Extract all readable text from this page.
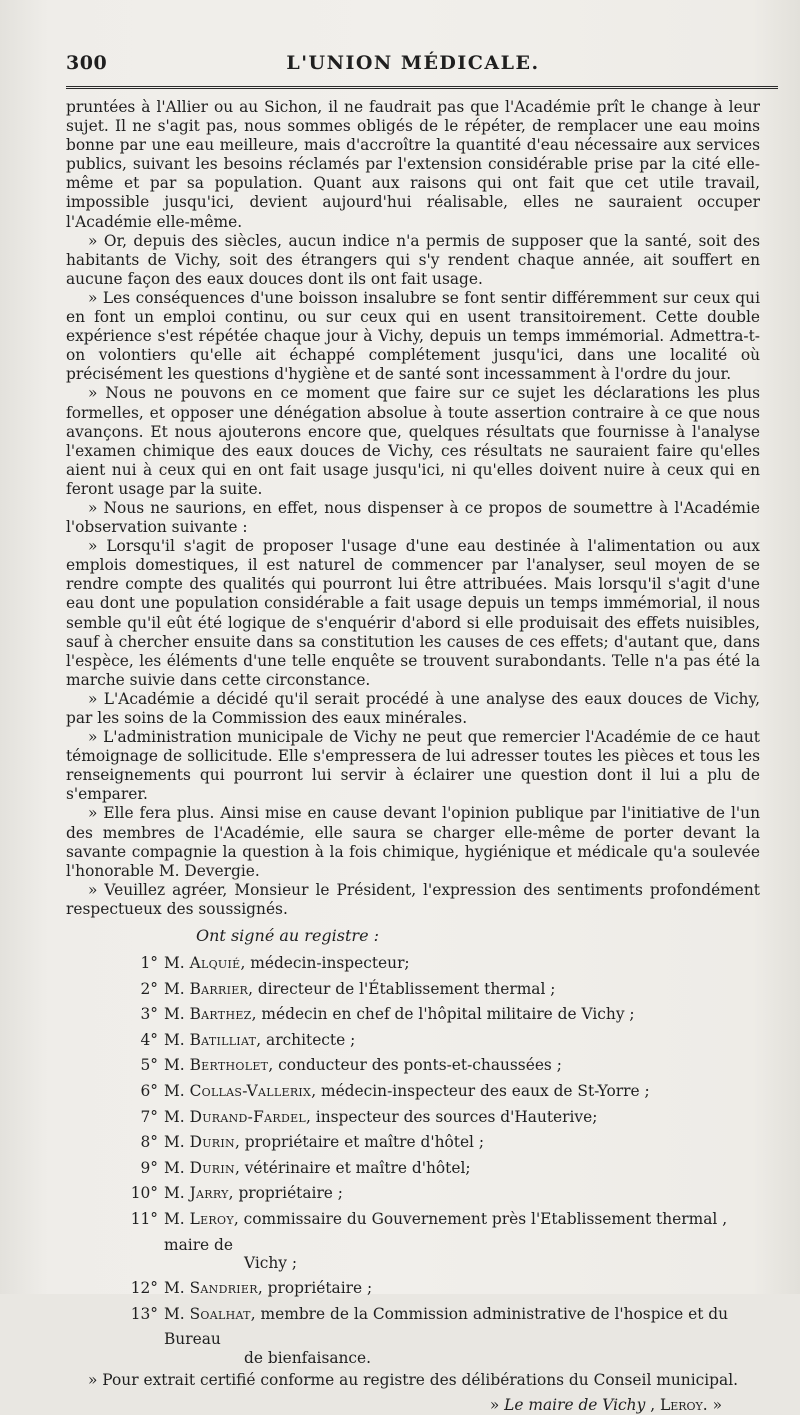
300	L'UNION MÉDICALE.

pruntées à l'Allier ou au Sichon, il ne faudrait pas que l'Académie prît le change à leur sujet. Il ne s'agit pas, nous sommes obligés de le répéter, de remplacer une eau moins bonne par une eau meilleure, mais d'accroître la quantité d'eau nécessaire aux services publics, suivant les besoins réclamés par l'extension considérable prise par la cité elle-même et par sa population. Quant aux raisons qui ont fait que cet utile travail, impossible jusqu'ici, devient aujourd'hui réalisable, elles ne sauraient occuper l'Académie elle-même.

» Or, depuis des siècles, aucun indice n'a permis de supposer que la santé, soit des habitants de Vichy, soit des étrangers qui s'y rendent chaque année, ait souffert en aucune façon des eaux douces dont ils ont fait usage.

» Les conséquences d'une boisson insalubre se font sentir différemment sur ceux qui en font un emploi continu, ou sur ceux qui en usent transitoirement. Cette double expérience s'est répétée chaque jour à Vichy, depuis un temps immémorial. Admettra-t-on volontiers qu'elle ait échappé complétement jusqu'ici, dans une localité où précisément les questions d'hygiène et de santé sont incessamment à l'ordre du jour.

» Nous ne pouvons en ce moment que faire sur ce sujet les déclarations les plus formelles, et opposer une dénégation absolue à toute assertion contraire à ce que nous avançons. Et nous ajouterons encore que, quelques résultats que fournisse à l'analyse l'examen chimique des eaux douces de Vichy, ces résultats ne sauraient faire qu'elles aient nui à ceux qui en ont fait usage jusqu'ici, ni qu'elles doivent nuire à ceux qui en feront usage par la suite.

» Nous ne saurions, en effet, nous dispenser à ce propos de soumettre à l'Académie l'observation suivante :

» Lorsqu'il s'agit de proposer l'usage d'une eau destinée à l'alimentation ou aux emplois domestiques, il est naturel de commencer par l'analyser, seul moyen de se rendre compte des qualités qui pourront lui être attribuées. Mais lorsqu'il s'agit d'une eau dont une population considérable a fait usage depuis un temps immémorial, il nous semble qu'il eût été logique de s'enquérir d'abord si elle produisait des effets nuisibles, sauf à chercher ensuite dans sa constitution les causes de ces effets; d'autant que, dans l'espèce, les éléments d'une telle enquête se trouvent surabondants. Telle n'a pas été la marche suivie dans cette circonstance.

» L'Académie a décidé qu'il serait procédé à une analyse des eaux douces de Vichy, par les soins de la Commission des eaux minérales.

» L'administration municipale de Vichy ne peut que remercier l'Académie de ce haut témoignage de sollicitude. Elle s'empressera de lui adresser toutes les pièces et tous les renseignements qui pourront lui servir à éclairer une question dont il lui a plu de s'emparer.

» Elle fera plus. Ainsi mise en cause devant l'opinion publique par l'initiative de l'un des membres de l'Académie, elle saura se charger elle-même de porter devant la savante compagnie la question à la fois chimique, hygiénique et médicale qu'a soulevée l'honorable M. Devergie.

» Veuillez agréer, Monsieur le Président, l'expression des sentiments profondément respectueux des soussignés.

Ont signé au registre :

1° M. Alquié, médecin-inspecteur;
2° M. Barrier, directeur de l'Établissement thermal ;
3° M. Barthez, médecin en chef de l'hôpital militaire de Vichy ;
4° M. Batilliat, architecte ;
5° M. Bertholet, conducteur des ponts-et-chaussées ;
6° M. Collas-Vallerix, médecin-inspecteur des eaux de St-Yorre ;
7° M. Durand-Fardel, inspecteur des sources d'Hauterive;
8° M. Durin, propriétaire et maître d'hôtel ;
9° M. Durin, vétérinaire et maître d'hôtel;
10° M. Jarry, propriétaire ;
11° M. Leroy, commissaire du Gouvernement près l'Etablissement thermal , maire de
Vichy ;
12° M. Sandrier, propriétaire ;
13° M. Soalhat, membre de la Commission administrative de l'hospice et du Bureau
de bienfaisance.

» Pour extrait certifié conforme au registre des délibérations du Conseil municipal.

» Le maire de Vichy , Leroy. »
